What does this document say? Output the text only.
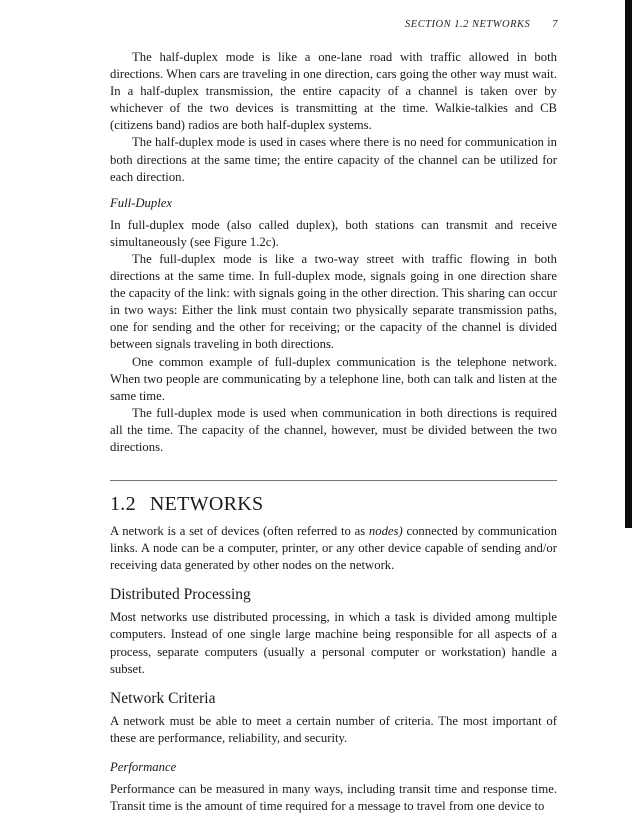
SECTION 1.2 NETWORKS 7

The half-duplex mode is like a one-lane road with traffic allowed in both directions. When cars are traveling in one direction, cars going the other way must wait. In a half-duplex transmission, the entire capacity of a channel is taken over by whichever of the two devices is transmitting at the time. Walkie-talkies and CB (citizens band) radios are both half-duplex systems.

The half-duplex mode is used in cases where there is no need for communication in both directions at the same time; the entire capacity of the channel can be utilized for each direction.

Full-Duplex

In full-duplex mode (also called duplex), both stations can transmit and receive simultaneously (see Figure 1.2c).

The full-duplex mode is like a two-way street with traffic flowing in both directions at the same time. In full-duplex mode, signals going in one direction share the capacity of the link: with signals going in the other direction. This sharing can occur in two ways: Either the link must contain two physically separate transmission paths, one for sending and the other for receiving; or the capacity of the channel is divided between signals traveling in both directions.

One common example of full-duplex communication is the telephone network. When two people are communicating by a telephone line, both can talk and listen at the same time.

The full-duplex mode is used when communication in both directions is required all the time. The capacity of the channel, however, must be divided between the two directions.

1.2 NETWORKS

A network is a set of devices (often referred to as nodes) connected by communication links. A node can be a computer, printer, or any other device capable of sending and/or receiving data generated by other nodes on the network.

Distributed Processing

Most networks use distributed processing, in which a task is divided among multiple computers. Instead of one single large machine being responsible for all aspects of a process, separate computers (usually a personal computer or workstation) handle a subset.

Network Criteria

A network must be able to meet a certain number of criteria. The most important of these are performance, reliability, and security.

Performance

Performance can be measured in many ways, including transit time and response time. Transit time is the amount of time required for a message to travel from one device to
